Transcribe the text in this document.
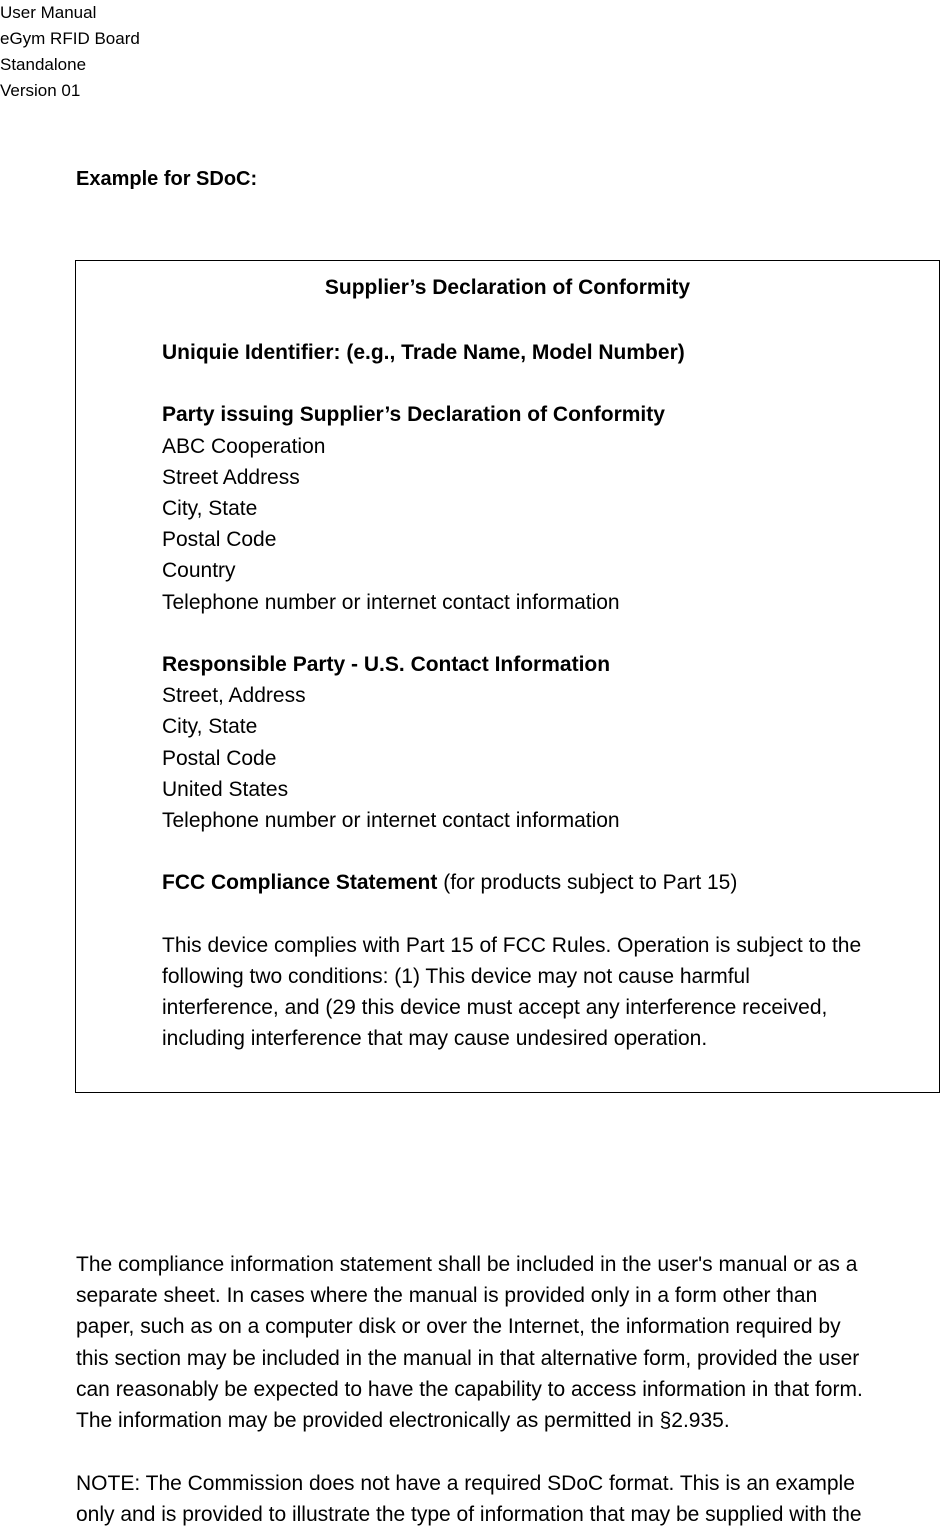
User Manual
eGym RFID Board
Standalone
Version 01
Example for SDoC:
Supplier’s Declaration of Conformity
Uniquie Identifier: (e.g., Trade Name, Model Number)
Party issuing Supplier’s Declaration of Conformity
ABC Cooperation
Street Address
City, State
Postal Code
Country
Telephone number or internet contact information
Responsible Party - U.S. Contact Information
Street, Address
City, State
Postal Code
United States
Telephone number or internet contact information
FCC Compliance Statement (for products subject to Part 15)
This device complies with Part 15 of FCC Rules. Operation is subject to the
following two conditions: (1) This device may not cause harmful
interference, and (29 this device must accept any interference received,
including interference that may cause undesired operation.
The compliance information statement shall be included in the user's manual or as a
separate sheet. In cases where the manual is provided only in a form other than
paper, such as on a computer disk or over the Internet, the information required by
this section may be included in the manual in that alternative form, provided the user
can reasonably be expected to have the capability to access information in that form.
The information may be provided electronically as permitted in §2.935.
NOTE: The Commission does not have a required SDoC format. This is an example
only and is provided to illustrate the type of information that may be supplied with the
